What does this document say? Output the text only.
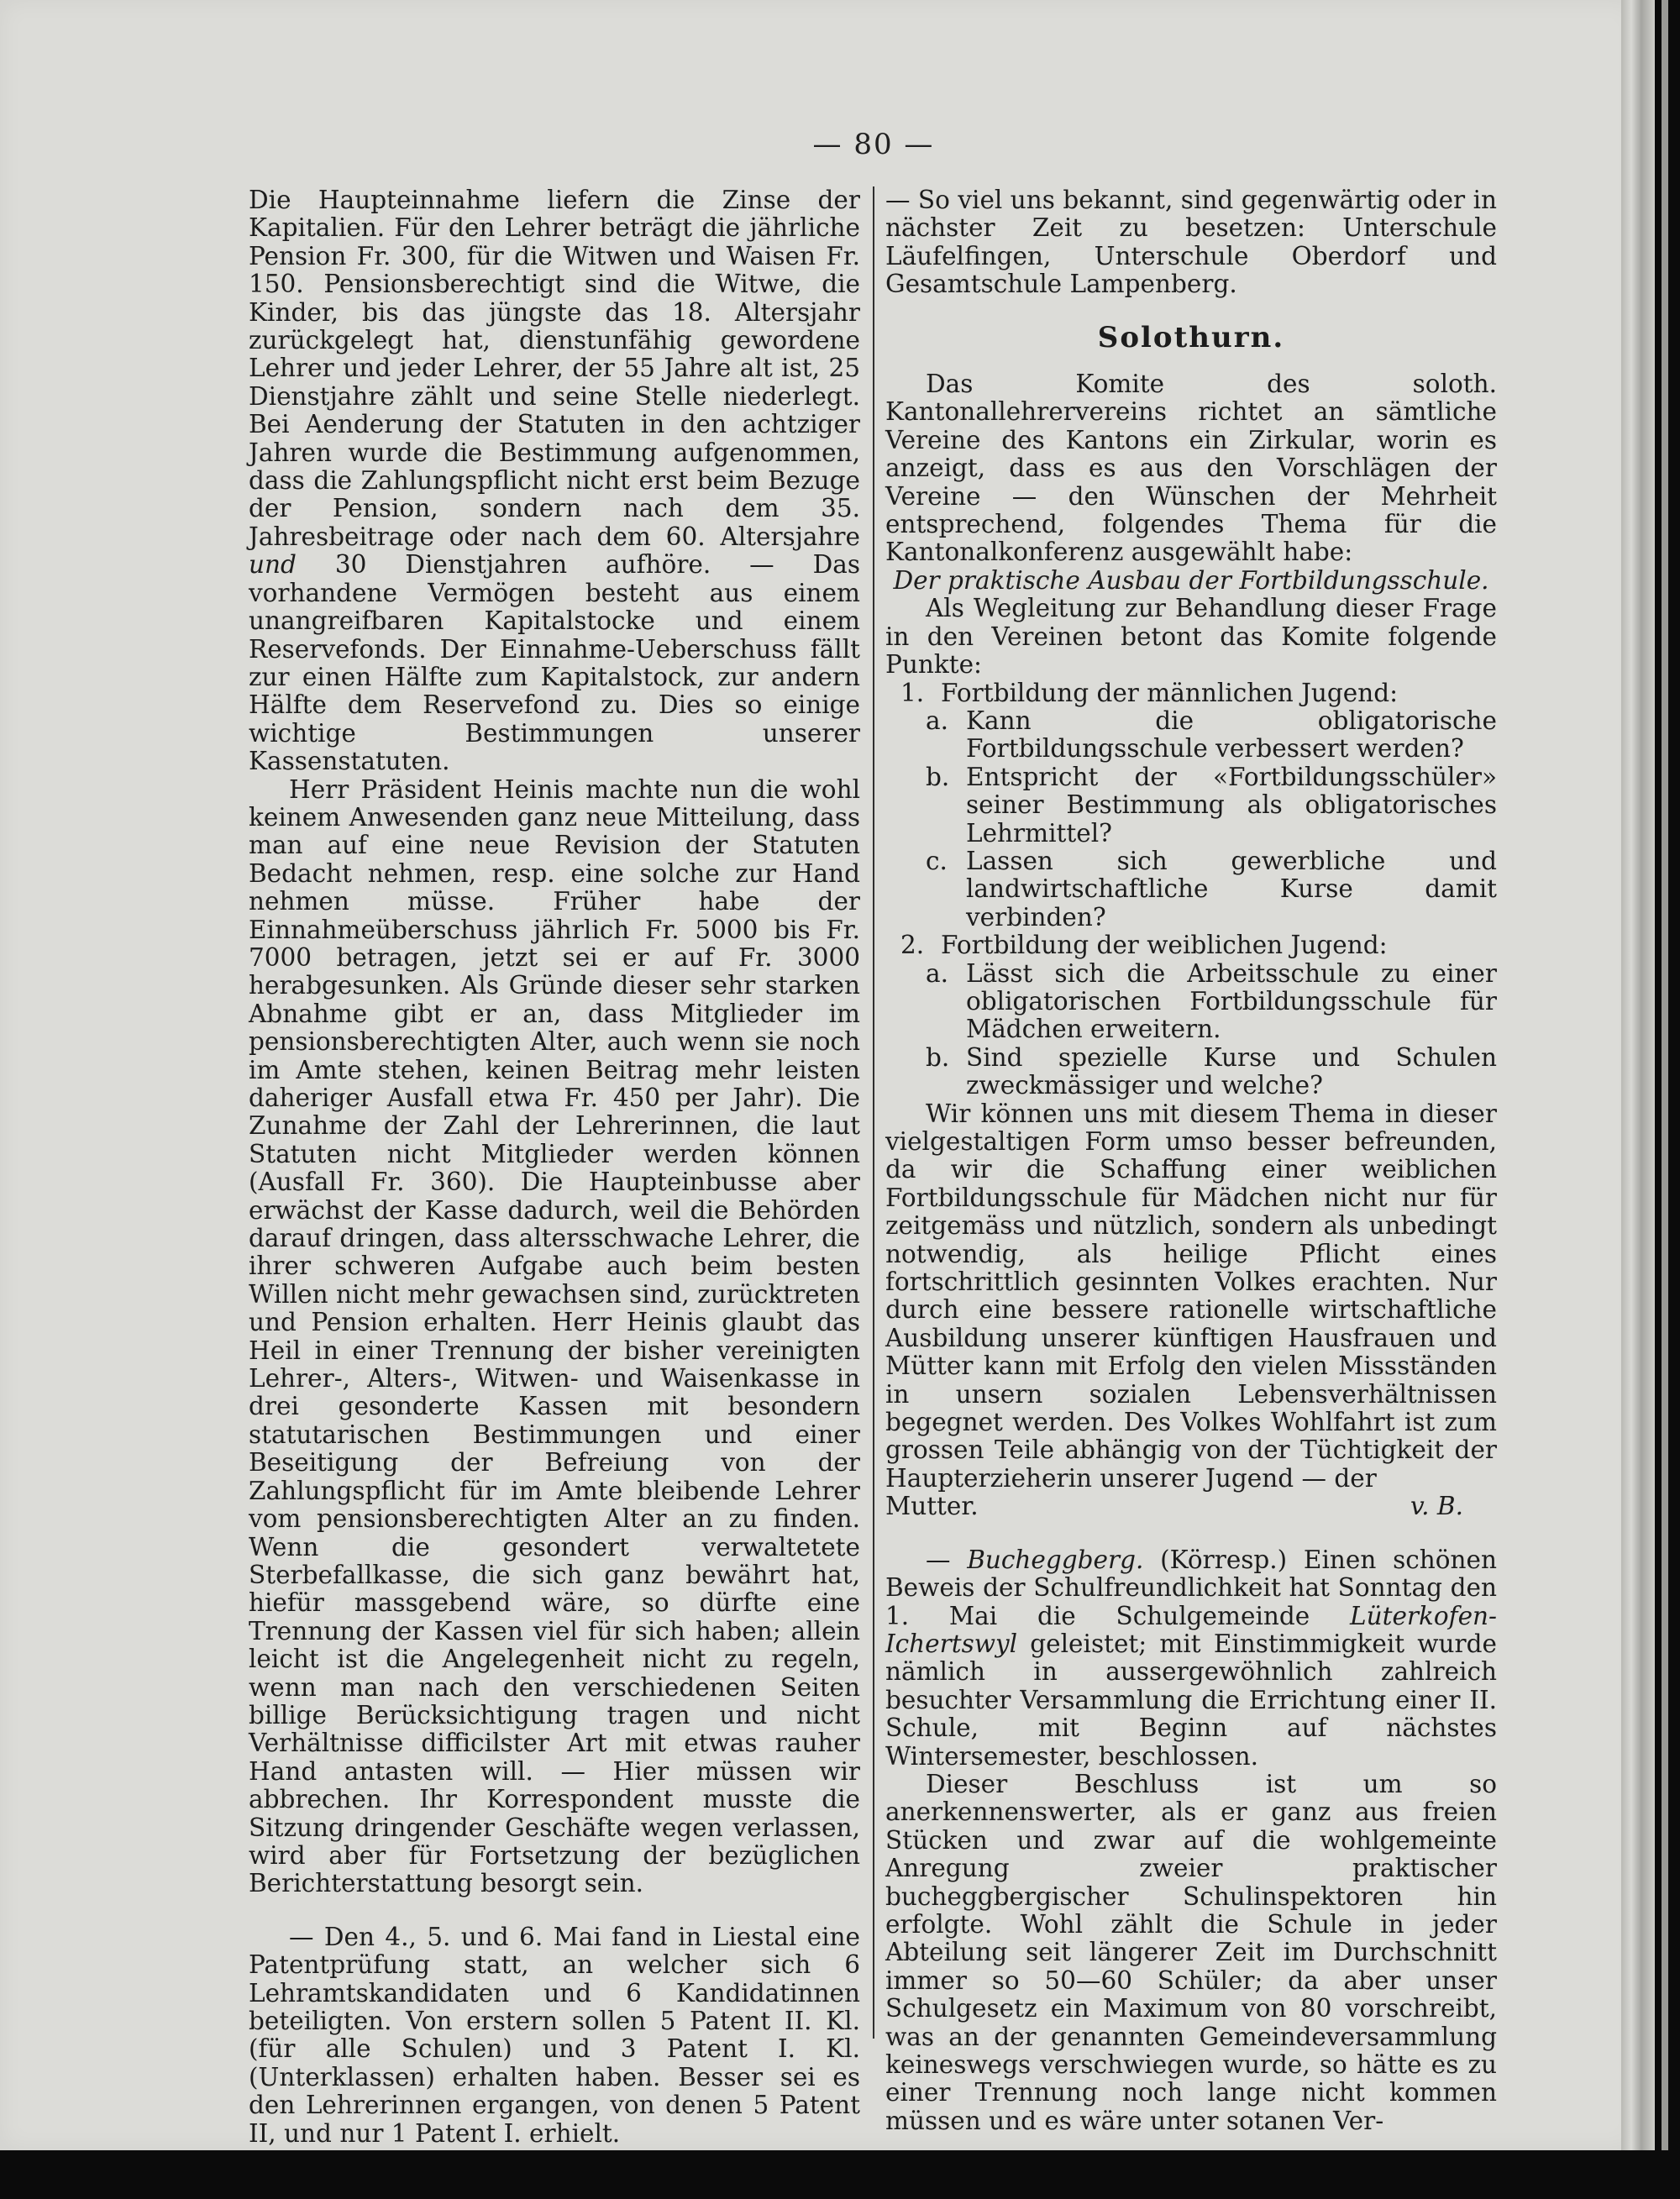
— 80 —

Die Haupteinnahme liefern die Zinse der Kapitalien. Für den Lehrer beträgt die jährliche Pension Fr. 300, für die Witwen und Waisen Fr. 150. Pensionsberechtigt sind die Witwe, die Kinder, bis das jüngste das 18. Altersjahr zurückgelegt hat, dienstunfähig gewordene Lehrer und jeder Lehrer, der 55 Jahre alt ist, 25 Dienstjahre zählt und seine Stelle niederlegt. Bei Aenderung der Statuten in den achtziger Jahren wurde die Bestimmung aufgenommen, dass die Zahlungspflicht nicht erst beim Bezuge der Pension, sondern nach dem 35. Jahresbeitrage oder nach dem 60. Altersjahre und 30 Dienstjahren aufhöre. — Das vorhandene Vermögen besteht aus einem unangreifbaren Kapitalstocke und einem Reservefonds. Der Einnahme-Ueberschuss fällt zur einen Hälfte zum Kapitalstock, zur andern Hälfte dem Reservefond zu. Dies so einige wichtige Bestimmungen unserer Kassenstatuten.

Herr Präsident Heinis machte nun die wohl keinem Anwesenden ganz neue Mitteilung, dass man auf eine neue Revision der Statuten Bedacht nehmen, resp. eine solche zur Hand nehmen müsse. Früher habe der Einnahmeüberschuss jährlich Fr. 5000 bis Fr. 7000 betragen, jetzt sei er auf Fr. 3000 herabgesunken. Als Gründe dieser sehr starken Abnahme gibt er an, dass Mitglieder im pensionsberechtigten Alter, auch wenn sie noch im Amte stehen, keinen Beitrag mehr leisten daheriger Ausfall etwa Fr. 450 per Jahr). Die Zunahme der Zahl der Lehrerinnen, die laut Statuten nicht Mitglieder werden können (Ausfall Fr. 360). Die Haupteinbusse aber erwächst der Kasse dadurch, weil die Behörden darauf dringen, dass altersschwache Lehrer, die ihrer schweren Aufgabe auch beim besten Willen nicht mehr gewachsen sind, zurücktreten und Pension erhalten. Herr Heinis glaubt das Heil in einer Trennung der bisher vereinigten Lehrer-, Alters-, Witwen- und Waisenkasse in drei gesonderte Kassen mit besondern statutarischen Bestimmungen und einer Beseitigung der Befreiung von der Zahlungspflicht für im Amte bleibende Lehrer vom pensionsberechtigten Alter an zu finden. Wenn die gesondert verwaltetete Sterbefallkasse, die sich ganz bewährt hat, hiefür massgebend wäre, so dürfte eine Trennung der Kassen viel für sich haben; allein leicht ist die Angelegenheit nicht zu regeln, wenn man nach den verschiedenen Seiten billige Berücksichtigung tragen und nicht Verhältnisse difficilster Art mit etwas rauher Hand antasten will. — Hier müssen wir abbrechen. Ihr Korrespondent musste die Sitzung dringender Geschäfte wegen verlassen, wird aber für Fortsetzung der bezüglichen Berichterstattung besorgt sein.

— Den 4., 5. und 6. Mai fand in Liestal eine Patentprüfung statt, an welcher sich 6 Lehramtskandidaten und 6 Kandidatinnen beteiligten. Von erstern sollen 5 Patent II. Kl. (für alle Schulen) und 3 Patent I. Kl. (Unterklassen) erhalten haben. Besser sei es den Lehrerinnen ergangen, von denen 5 Patent II, und nur 1 Patent I. erhielt.

— So viel uns bekannt, sind gegenwärtig oder in nächster Zeit zu besetzen: Unterschule Läufelfingen, Unterschule Oberdorf und Gesamtschule Lampenberg.

Solothurn.

Das Komite des soloth. Kantonallehrervereins richtet an sämtliche Vereine des Kantons ein Zirkular, worin es anzeigt, dass es aus den Vorschlägen der Vereine — den Wünschen der Mehrheit entsprechend, folgendes Thema für die Kantonalkonferenz ausgewählt habe:

Der praktische Ausbau der Fortbildungsschule.

Als Wegleitung zur Behandlung dieser Frage in den Vereinen betont das Komite folgende Punkte:

1. Fortbildung der männlichen Jugend:
a. Kann die obligatorische Fortbildungsschule verbessert werden?
b. Entspricht der «Fortbildungsschüler» seiner Bestimmung als obligatorisches Lehrmittel?
c. Lassen sich gewerbliche und landwirtschaftliche Kurse damit verbinden?
2. Fortbildung der weiblichen Jugend:
a. Lässt sich die Arbeitsschule zu einer obligatorischen Fortbildungsschule für Mädchen erweitern.
b. Sind spezielle Kurse und Schulen zweckmässiger und welche?

Wir können uns mit diesem Thema in dieser vielgestaltigen Form umso besser befreunden, da wir die Schaffung einer weiblichen Fortbildungsschule für Mädchen nicht nur für zeitgemäss und nützlich, sondern als unbedingt notwendig, als heilige Pflicht eines fortschrittlich gesinnten Volkes erachten. Nur durch eine bessere rationelle wirtschaftliche Ausbildung unserer künftigen Hausfrauen und Mütter kann mit Erfolg den vielen Missständen in unsern sozialen Lebensverhältnissen begegnet werden. Des Volkes Wohlfahrt ist zum grossen Teile abhängig von der Tüchtigkeit der Haupterzieherin unserer Jugend — der

Mutter.	v. B.

— Bucheggberg. (Körresp.) Einen schönen Beweis der Schulfreundlichkeit hat Sonntag den 1. Mai die Schulgemeinde Lüterkofen-Ichertswyl geleistet; mit Einstimmigkeit wurde nämlich in aussergewöhnlich zahlreich besuchter Versammlung die Errichtung einer II. Schule, mit Beginn auf nächstes Wintersemester, beschlossen.

Dieser Beschluss ist um so anerkennenswerter, als er ganz aus freien Stücken und zwar auf die wohlgemeinte Anregung zweier praktischer bucheggbergischer Schulinspektoren hin erfolgte. Wohl zählt die Schule in jeder Abteilung seit längerer Zeit im Durchschnitt immer so 50—60 Schüler; da aber unser Schulgesetz ein Maximum von 80 vorschreibt, was an der genannten Gemeindeversammlung keineswegs verschwiegen wurde, so hätte es zu einer Trennung noch lange nicht kommen müssen und es wäre unter sotanen Ver-
